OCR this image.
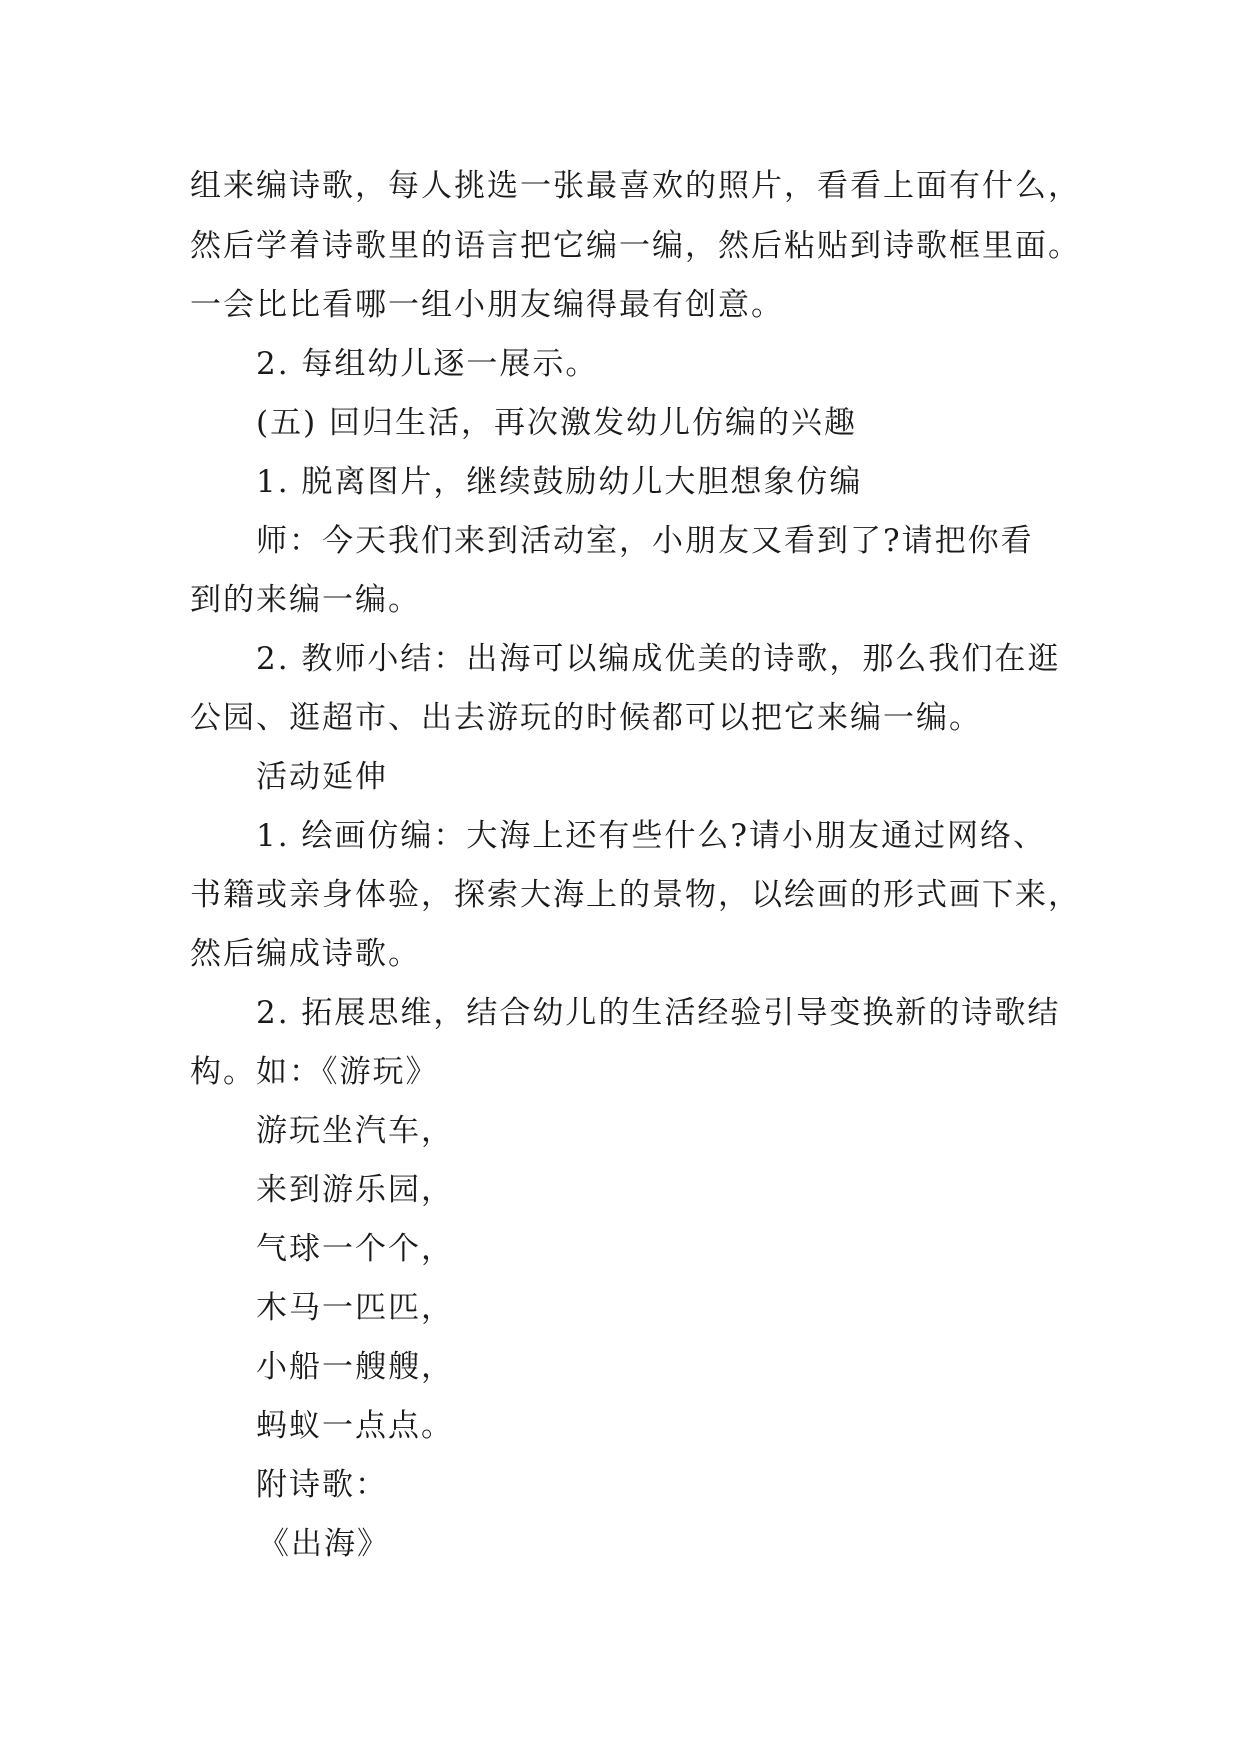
组来编诗歌，每人挑选一张最喜欢的照片，看看上面有什么，
然后学着诗歌里的语言把它编一编，然后粘贴到诗歌框里面。
一会比比看哪一组小朋友编得最有创意。
2. 每组幼儿逐一展示。
(五) 回归生活，再次激发幼儿仿编的兴趣
1. 脱离图片，继续鼓励幼儿大胆想象仿编
师：今天我们来到活动室，小朋友又看到了?请把你看
到的来编一编。
2. 教师小结：出海可以编成优美的诗歌，那么我们在逛
公园、逛超市、出去游玩的时候都可以把它来编一编。
活动延伸
1. 绘画仿编：大海上还有些什么?请小朋友通过网络、
书籍或亲身体验，探索大海上的景物，以绘画的形式画下来，
然后编成诗歌。
2. 拓展思维，结合幼儿的生活经验引导变换新的诗歌结
构。如：《游玩》
游玩坐汽车，
来到游乐园，
气球一个个，
木马一匹匹，
小船一艘艘，
蚂蚁一点点。
附诗歌：
《出海》
